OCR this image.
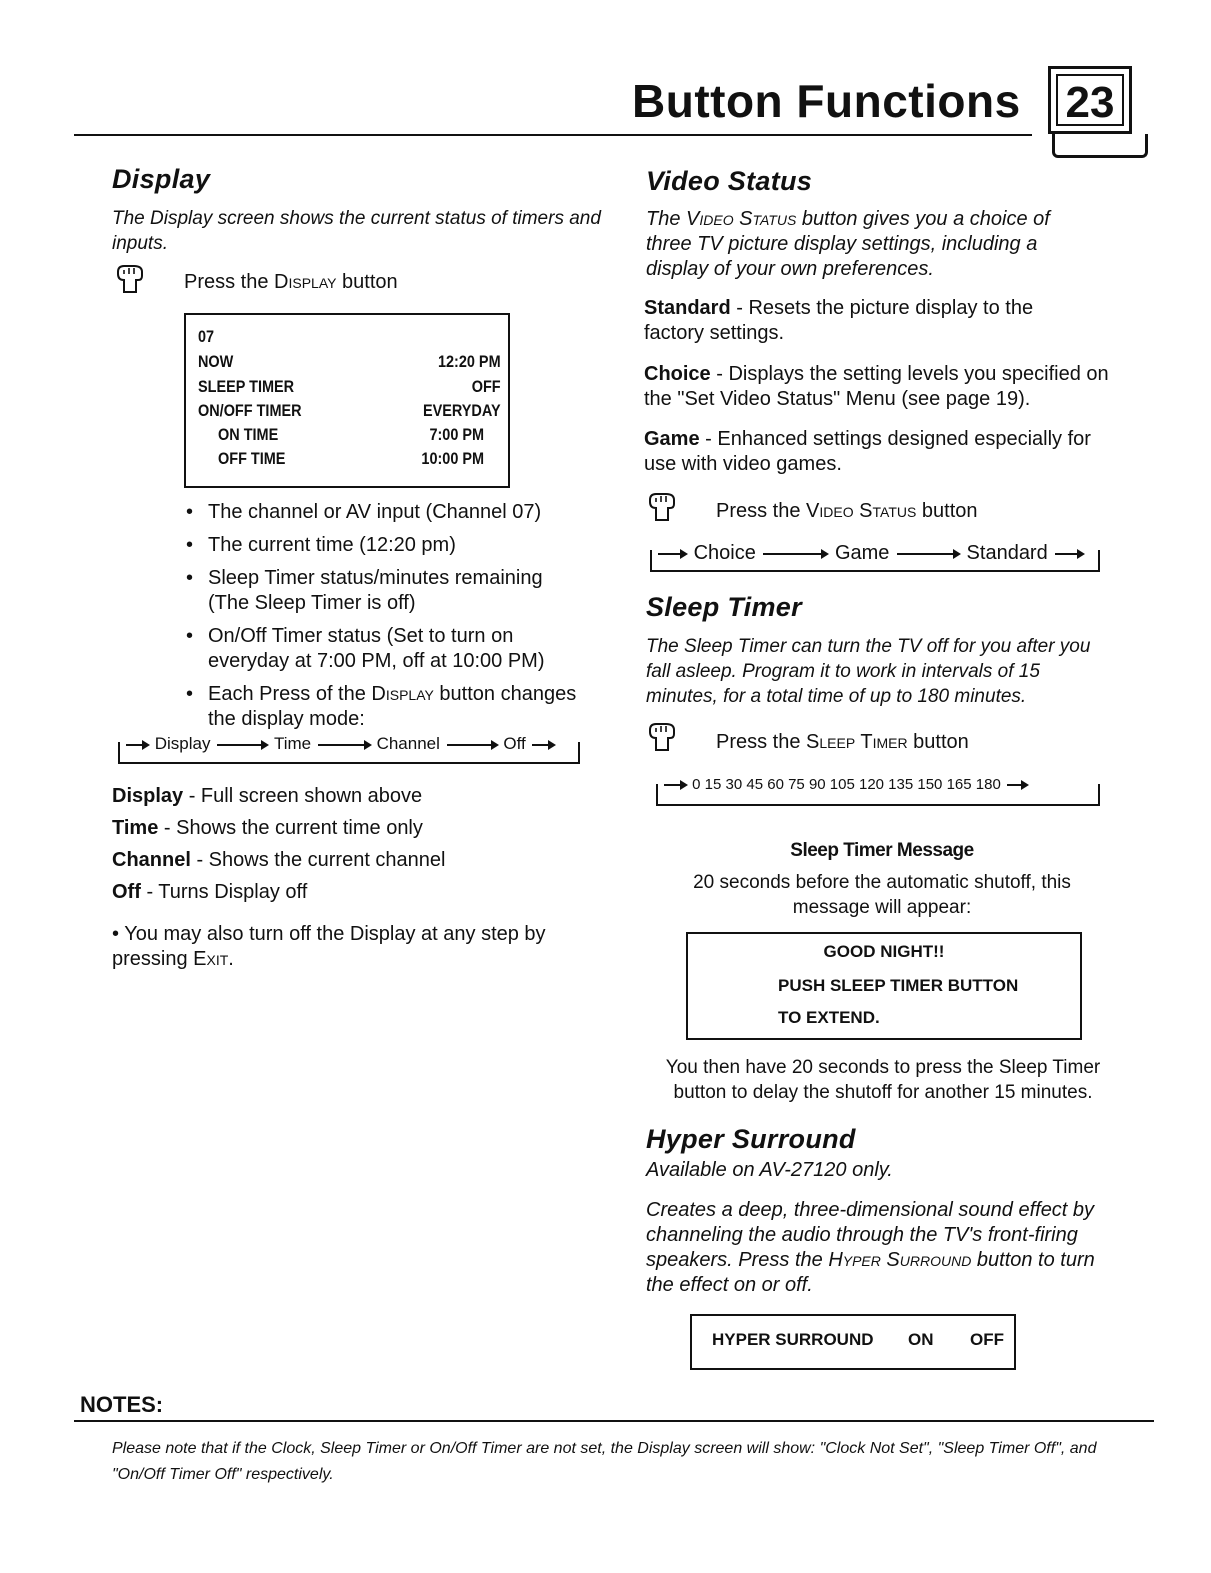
Button Functions 23
Display
The Display screen shows the current status of timers and inputs.
Press the Display button
07
NOW	12:20 PM
SLEEP TIMER	OFF
ON/OFF TIMER	EVERYDAY
ON TIME	7:00 PM
OFF TIME	10:00 PM
• The channel or AV input (Channel 07)
• The current time (12:20 pm)
• Sleep Timer status/minutes remaining (The Sleep Timer is off)
• On/Off Timer status (Set to turn on everyday at 7:00 PM, off at 10:00 PM)
• Each Press of the Display button changes the display mode:
Display	Time	Channel	Off
Display - Full screen shown above
Time - Shows the current time only
Channel - Shows the current channel
Off - Turns Display off
• You may also turn off the Display at any step by pressing Exit.
Video Status
The Video Status button gives you a choice of three TV picture display settings, including a display of your own preferences.
Standard - Resets the picture display to the factory settings.
Choice - Displays the setting levels you specified on the "Set Video Status" Menu (see page 19).
Game - Enhanced settings designed especially for use with video games.
Press the Video Status button
Choice	Game	Standard
Sleep Timer
The Sleep Timer can turn the TV off for you after you fall asleep. Program it to work in intervals of 15 minutes, for a total time of up to 180 minutes.
Press the Sleep Timer button
0 15 30 45 60 75 90 105 120 135 150 165 180
Sleep Timer Message
20 seconds before the automatic shutoff, this message will appear:
GOOD NIGHT!!
PUSH SLEEP TIMER BUTTON
TO EXTEND.
You then have 20 seconds to press the Sleep Timer button to delay the shutoff for another 15 minutes.
Hyper Surround
Available on AV-27120 only.
Creates a deep, three-dimensional sound effect by channeling the audio through the TV's front-firing speakers. Press the Hyper Surround button to turn the effect on or off.
HYPER SURROUND ON OFF
NOTES:
Please note that if the Clock, Sleep Timer or On/Off Timer are not set, the Display screen will show: "Clock Not Set", "Sleep Timer Off", and "On/Off Timer Off" respectively.
